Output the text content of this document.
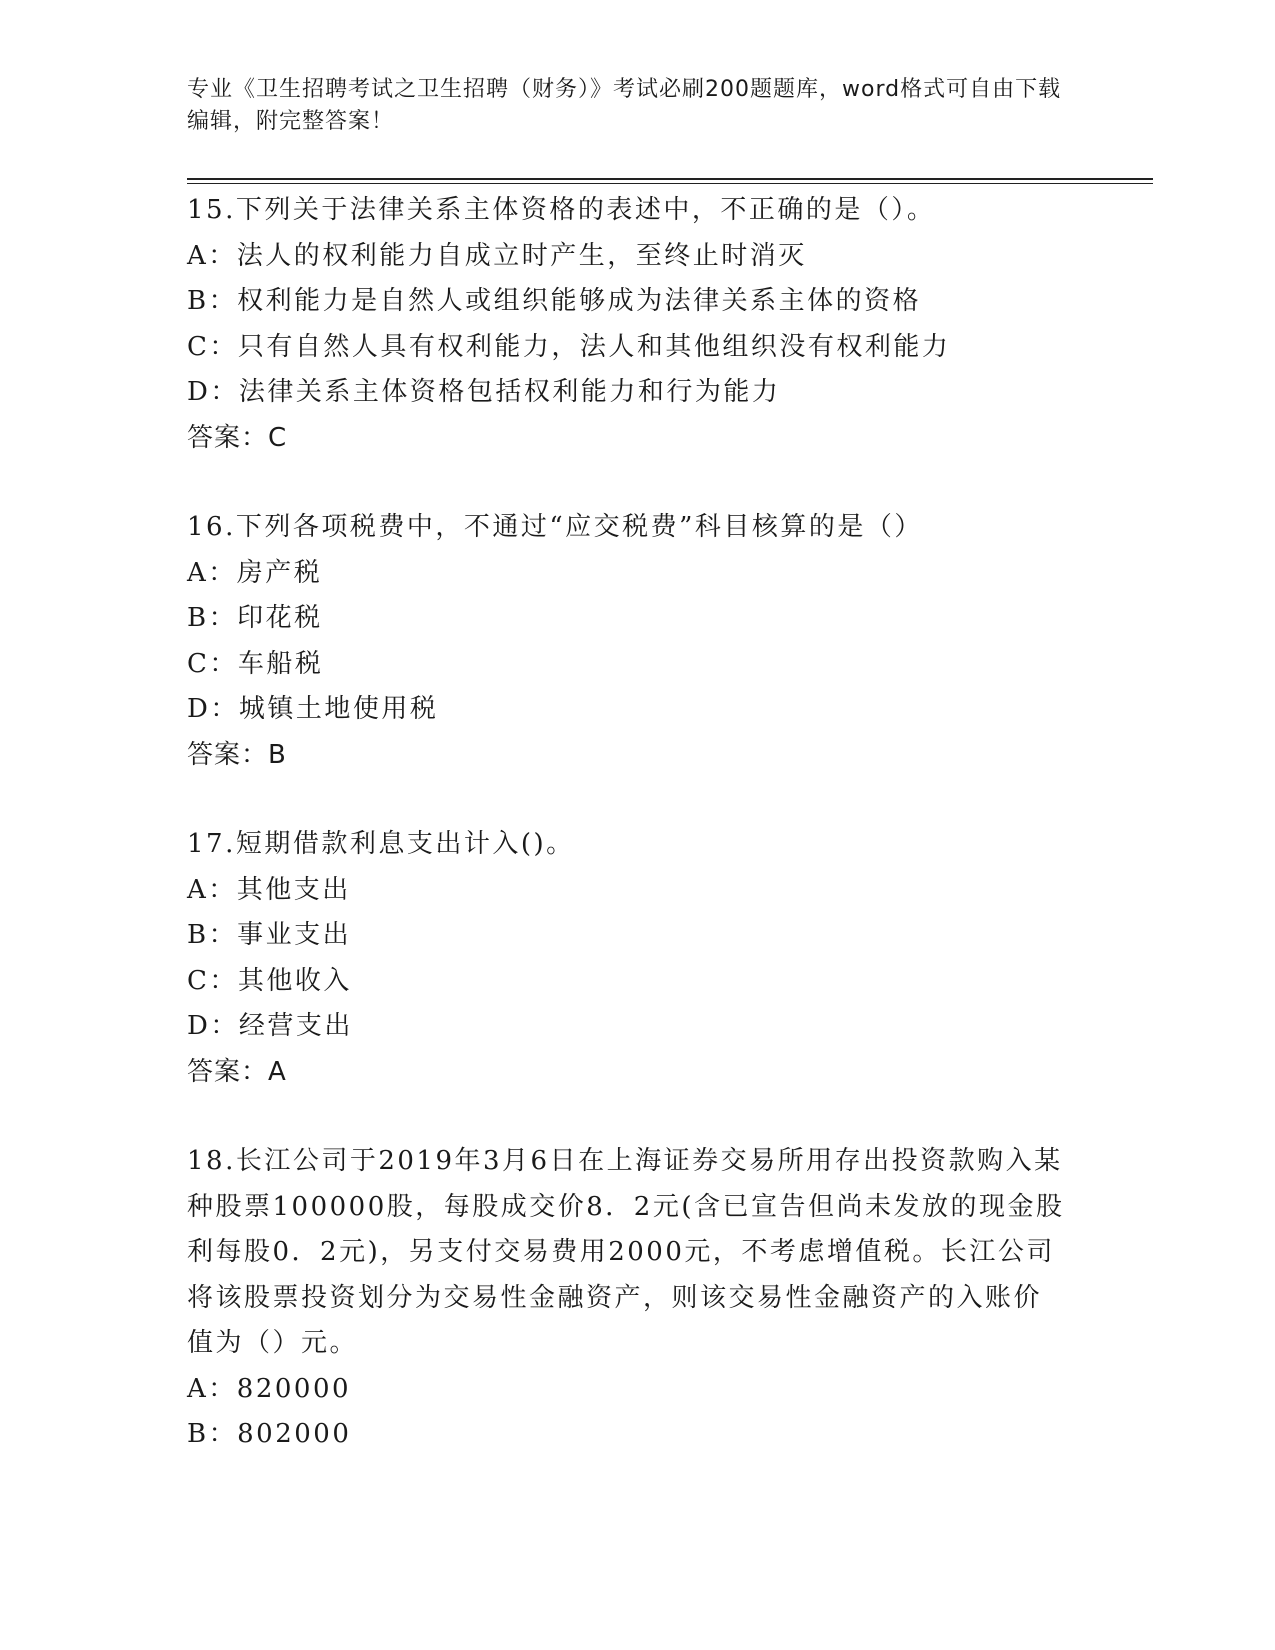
专业《卫生招聘考试之卫生招聘（财务）》考试必刷200题题库，word格式可自由下载编辑，附完整答案！
15.下列关于法律关系主体资格的表述中，不正确的是（）。
A：法人的权利能力自成立时产生，至终止时消灭
B：权利能力是自然人或组织能够成为法律关系主体的资格
C：只有自然人具有权利能力，法人和其他组织没有权利能力
D：法律关系主体资格包括权利能力和行为能力
答案：C
16.下列各项税费中，不通过“应交税费”科目核算的是（）
A：房产税
B：印花税
C：车船税
D：城镇土地使用税
答案：B
17.短期借款利息支出计入()。
A：其他支出
B：事业支出
C：其他收入
D：经营支出
答案：A
18.长江公司于2019年3月6日在上海证券交易所用存出投资款购入某种股票100000股，每股成交价8．2元(含已宣告但尚未发放的现金股利每股0．2元)，另支付交易费用2000元，不考虑增值税。长江公司将该股票投资划分为交易性金融资产，则该交易性金融资产的入账价值为（）元。
A：820000
B：802000
